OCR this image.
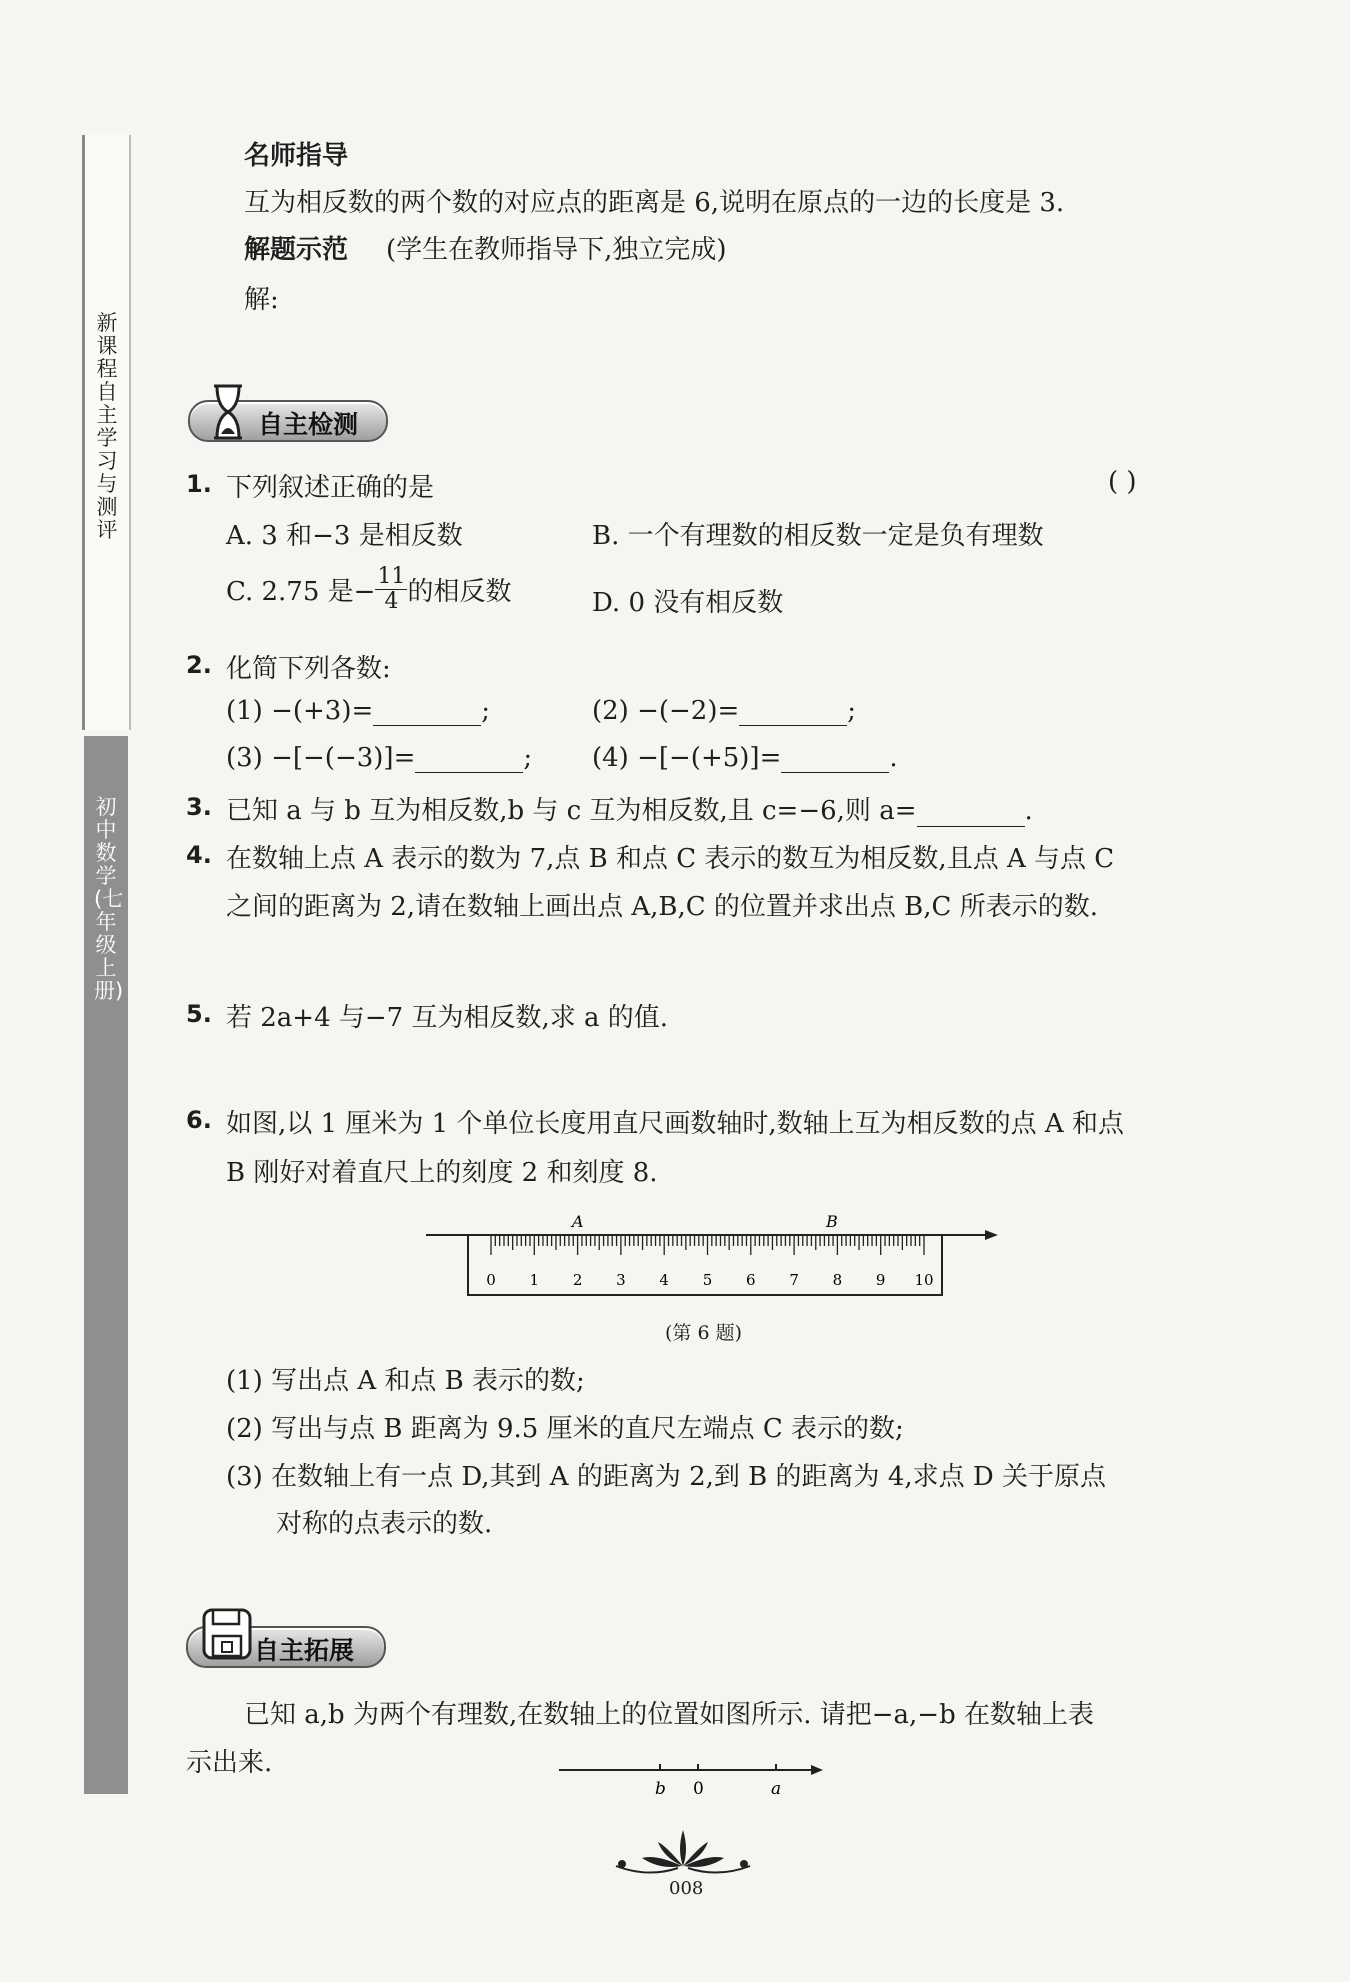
新课程自主学习与测评
初中数学(七年级上册)
名师指导
互为相反数的两个数的对应点的距离是 6,说明在原点的一边的长度是 3.
解题示范 (学生在教师指导下,独立完成)
解:
自主检测
1. 下列叙述正确的是	( )
A. 3 和−3 是相反数	B. 一个有理数的相反数一定是负有理数
C. 2.75 是− $\frac{11}{4}$ 的相反数	D. 0 没有相反数
2. 化简下列各数:
(1) −(+3)=	;	(2) −(−2)=	;
(3) −[−(−3)]=	; (4) −[−(+5)]=	.
3. 已知 a 与 b 互为相反数,b 与 c 互为相反数,且 c=−6,则 a=	.
4. 在数轴上点 A 表示的数为 7,点 B 和点 C 表示的数互为相反数,且点 A 与点 C
之间的距离为 2,请在数轴上画出点 A,B,C 的位置并求出点 B,C 所表示的数.
5. 若 2a+4 与−7 互为相反数,求 a 的值.
6. 如图,以 1 厘米为 1 个单位长度用直尺画数轴时,数轴上互为相反数的点 A 和点
B 刚好对着直尺上的刻度 2 和刻度 8.
0 1 2 3 4 5 6 7 8 9 10
A	B
(第 6 题)
(1) 写出点 A 和点 B 表示的数;
(2) 写出与点 B 距离为 9.5 厘米的直尺左端点 C 表示的数;
(3) 在数轴上有一点 D,其到 A 的距离为 2,到 B 的距离为 4,求点 D 关于原点
对称的点表示的数.
自主拓展
已知 a,b 为两个有理数,在数轴上的位置如图所示. 请把−a,−b 在数轴上表
示出来.
b 0	a
008
